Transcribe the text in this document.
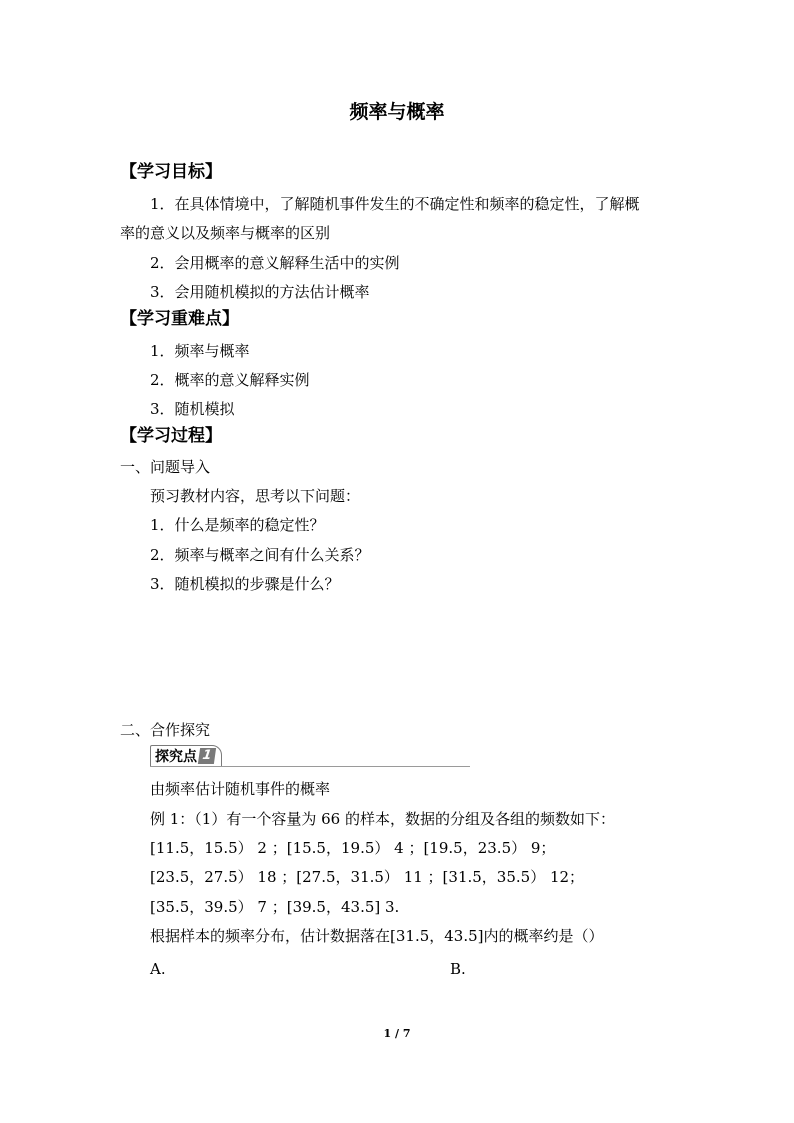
频率与概率
【学习目标】
1．在具体情境中，了解随机事件发生的不确定性和频率的稳定性，了解概
率的意义以及频率与概率的区别
2．会用概率的意义解释生活中的实例
3．会用随机模拟的方法估计概率
【学习重难点】
1．频率与概率
2．概率的意义解释实例
3．随机模拟
【学习过程】
一、问题导入
预习教材内容，思考以下问题：
1．什么是频率的稳定性？
2．频率与概率之间有什么关系？
3．随机模拟的步骤是什么？
二、合作探究
探究点 1
由频率估计随机事件的概率
例 1：（1）有一个容量为 66 的样本，数据的分组及各组的频数如下：
[11.5，15.5） 2 ；[15.5，19.5） 4 ；[19.5，23.5） 9；
[23.5，27.5） 18 ；[27.5，31.5） 11 ；[31.5，35.5） 12；
[35.5，39.5） 7 ；[39.5，43.5] 3.
根据样本的频率分布，估计数据落在[31.5，43.5]内的概率约是（）
A.	B.
1 / 7
